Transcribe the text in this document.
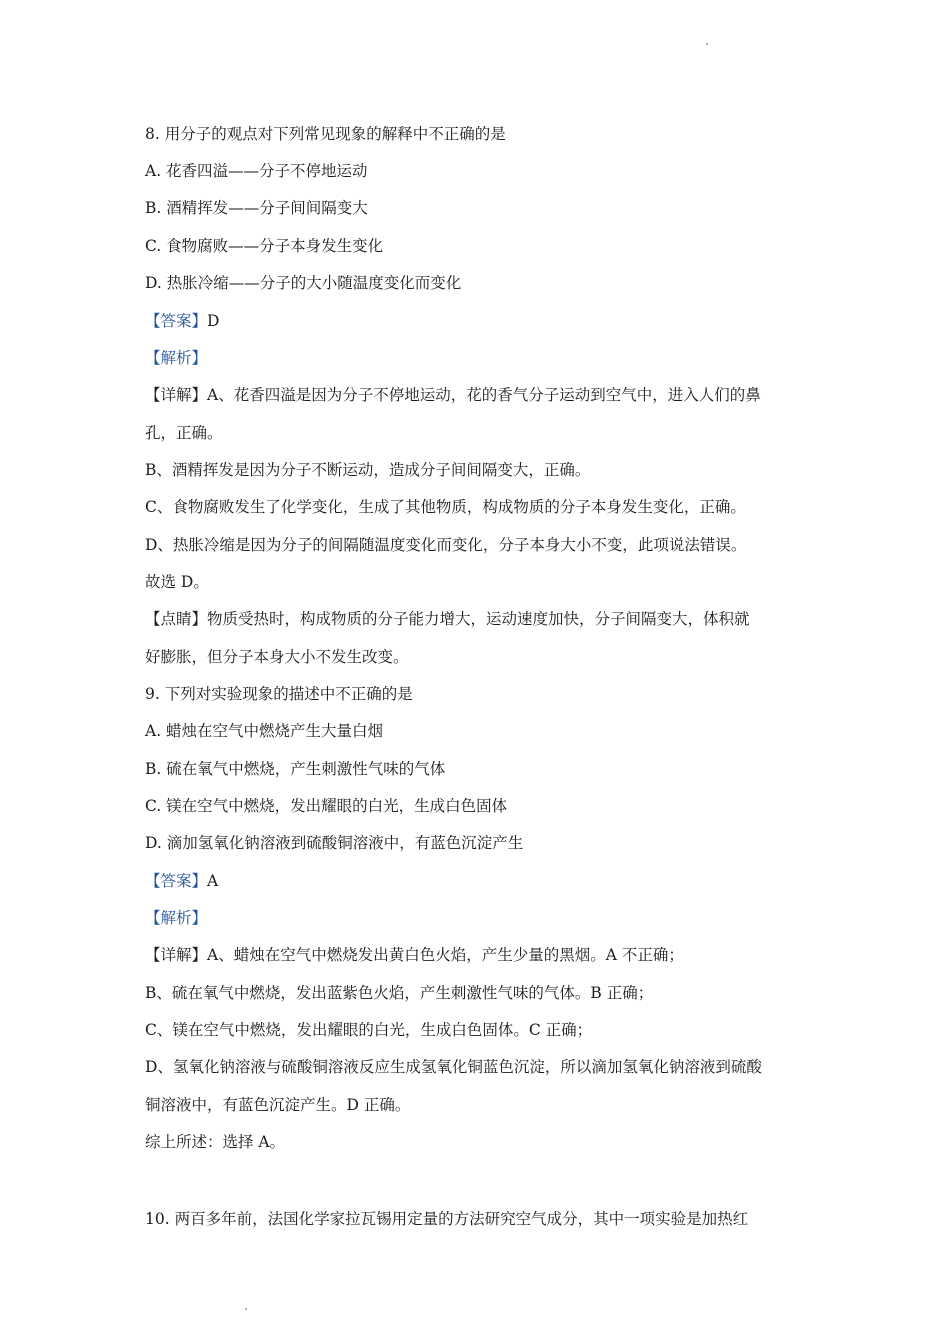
8. 用分子的观点对下列常见现象的解释中不正确的是
A. 花香四溢——分子不停地运动
B. 酒精挥发——分子间间隔变大
C. 食物腐败——分子本身发生变化
D. 热胀冷缩——分子的大小随温度变化而变化
【答案】D
【解析】
【详解】A、花香四溢是因为分子不停地运动，花的香气分子运动到空气中，进入人们的鼻
孔，正确。
B、酒精挥发是因为分子不断运动，造成分子间间隔变大，正确。
C、食物腐败发生了化学变化，生成了其他物质，构成物质的分子本身发生变化，正确。
D、热胀冷缩是因为分子的间隔随温度变化而变化，分子本身大小不变，此项说法错误。
故选 D。
【点睛】物质受热时，构成物质的分子能力增大，运动速度加快，分子间隔变大，体积就
好膨胀，但分子本身大小不发生改变。
9. 下列对实验现象的描述中不正确的是
A. 蜡烛在空气中燃烧产生大量白烟
B. 硫在氧气中燃烧，产生刺激性气味的气体
C. 镁在空气中燃烧，发出耀眼的白光，生成白色固体
D. 滴加氢氧化钠溶液到硫酸铜溶液中，有蓝色沉淀产生
【答案】A
【解析】
【详解】A、蜡烛在空气中燃烧发出黄白色火焰，产生少量的黑烟。A 不正确；
B、硫在氧气中燃烧，发出蓝紫色火焰，产生刺激性气味的气体。B 正确；
C、镁在空气中燃烧，发出耀眼的白光，生成白色固体。C 正确；
D、氢氧化钠溶液与硫酸铜溶液反应生成氢氧化铜蓝色沉淀，所以滴加氢氧化钠溶液到硫酸
铜溶液中，有蓝色沉淀产生。D 正确。
综上所述：选择 A。
10. 两百多年前，法国化学家拉瓦锡用定量的方法研究空气成分，其中一项实验是加热红
